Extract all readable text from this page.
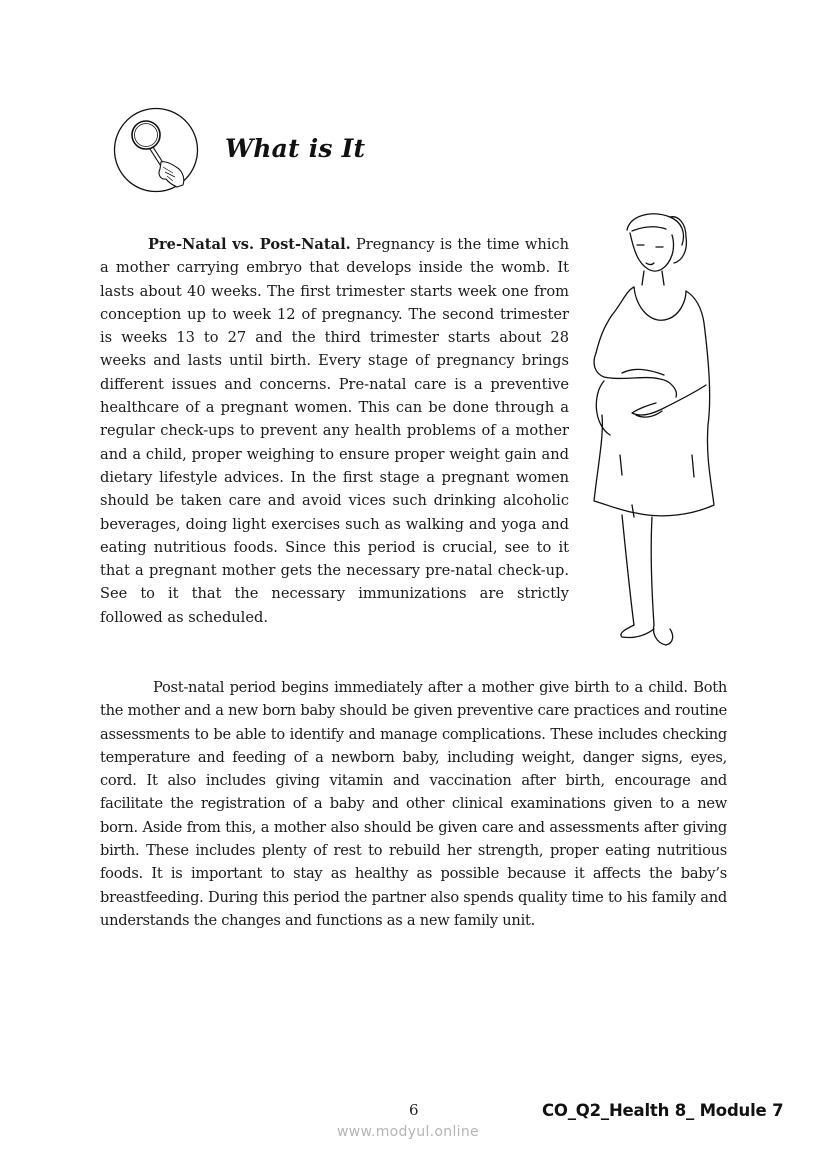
What is It
Pre-Natal vs. Post-Natal. Pregnancy is the time which a mother carrying embryo that develops inside the womb. It lasts about 40 weeks. The first trimester starts week one from conception up to week 12 of pregnancy. The second trimester is weeks 13 to 27 and the third trimester starts about 28 weeks and lasts until birth. Every stage of pregnancy brings different issues and concerns. Pre-natal care is a preventive healthcare of a pregnant women. This can be done through a regular check-ups to prevent any health problems of a mother and a child, proper weighing to ensure proper weight gain and dietary lifestyle advices. In the first stage a pregnant women should be taken care and avoid vices such drinking alcoholic beverages, doing light exercises such as walking and yoga and eating nutritious foods. Since this period is crucial, see to it that a pregnant mother gets the necessary pre-natal check-up. See to it that the necessary immunizations are strictly followed as scheduled.
Post-natal period begins immediately after a mother give birth to a child. Both the mother and a new born baby should be given preventive care practices and routine assessments to be able to identify and manage complications. These includes checking temperature and feeding of a newborn baby, including weight, danger signs, eyes, cord. It also includes giving vitamin and vaccination after birth, encourage and facilitate the registration of a baby and other clinical examinations given to a new born. Aside from this, a mother also should be given care and assessments after giving birth. These includes plenty of rest to rebuild her strength, proper eating nutritious foods. It is important to stay as healthy as possible because it affects the baby’s breastfeeding. During this period the partner also spends quality time to his family and understands the changes and functions as a new family unit.
6	CO_Q2_Health 8_ Module 7
www.modyul.online
